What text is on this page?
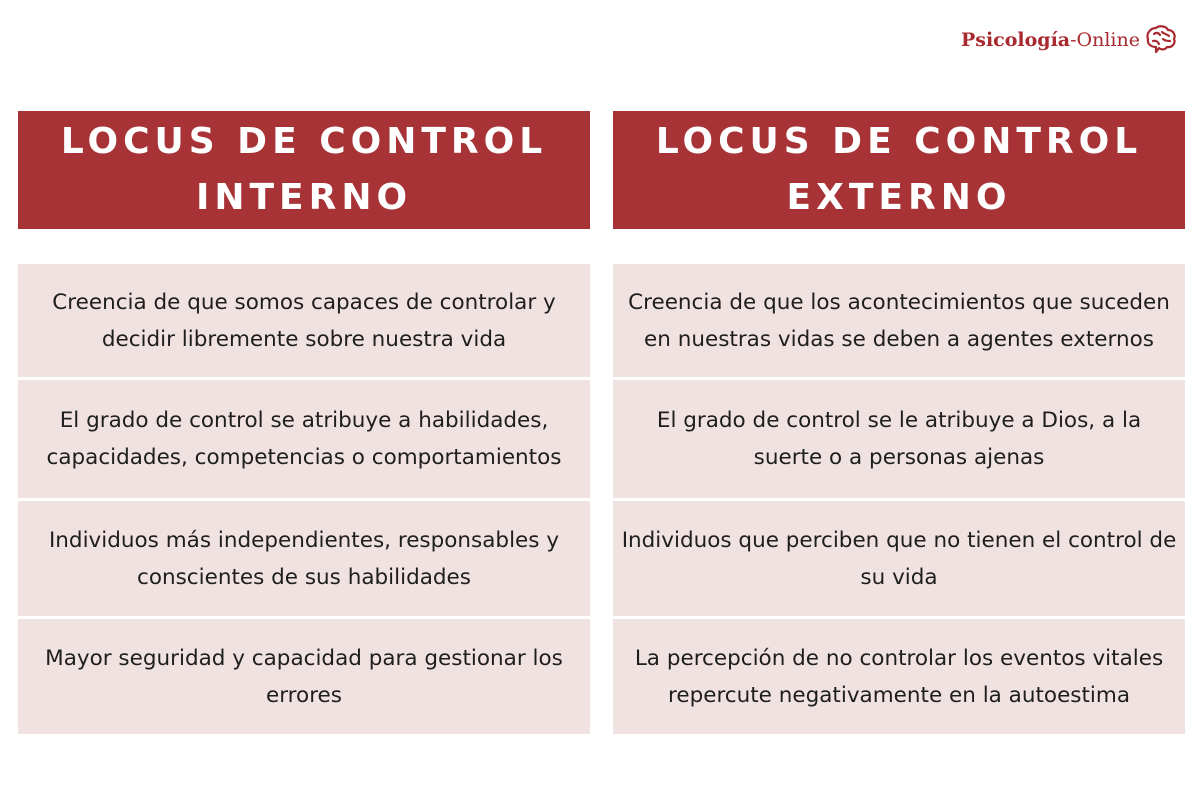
Psicología-Online
LOCUS DE CONTROL
INTERNO
LOCUS DE CONTROL
EXTERNO
Creencia de que somos capaces de controlar y decidir libremente sobre nuestra vida
El grado de control se atribuye a habilidades, capacidades, competencias o comportamientos
Individuos más independientes, responsables y conscientes de sus habilidades
Mayor seguridad y capacidad para gestionar los errores
Creencia de que los acontecimientos que suceden en nuestras vidas se deben a agentes externos
El grado de control se le atribuye a Dios, a la suerte o a personas ajenas
Individuos que perciben que no tienen el control de su vida
La percepción de no controlar los eventos vitales repercute negativamente en la autoestima
